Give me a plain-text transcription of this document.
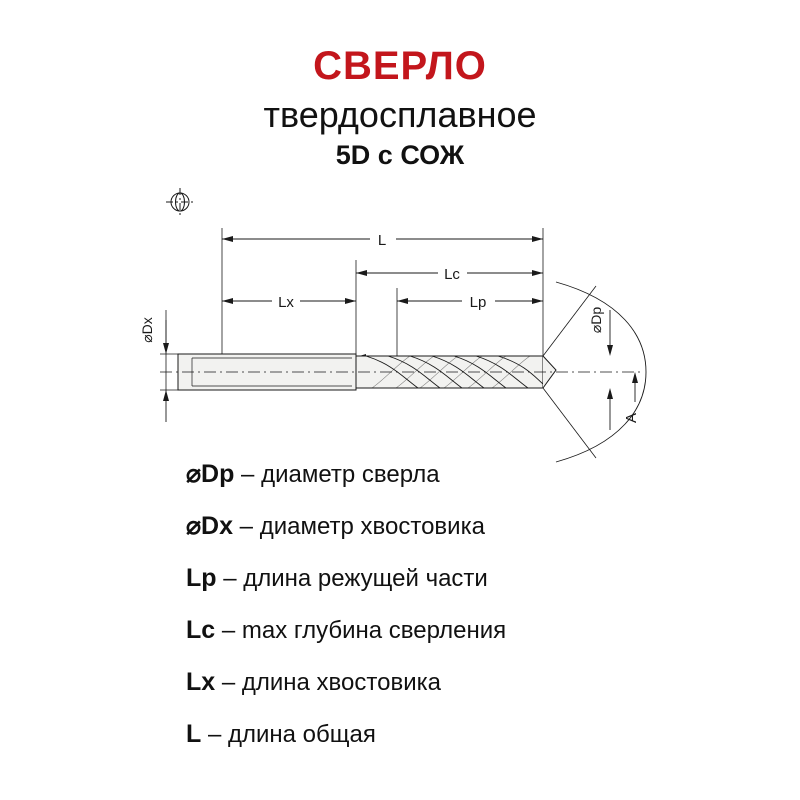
СВЕРЛО
твердосплавное
5D с СОЖ
L
Lc
Lx	Lp
⌀Dx	⌀Dp
A
⌀Dp – диаметр сверла
⌀Dx – диаметр хвостовика
Lp – длина режущей части
Lc – max глубина сверления
Lx – длина хвостовика
L – длина общая
